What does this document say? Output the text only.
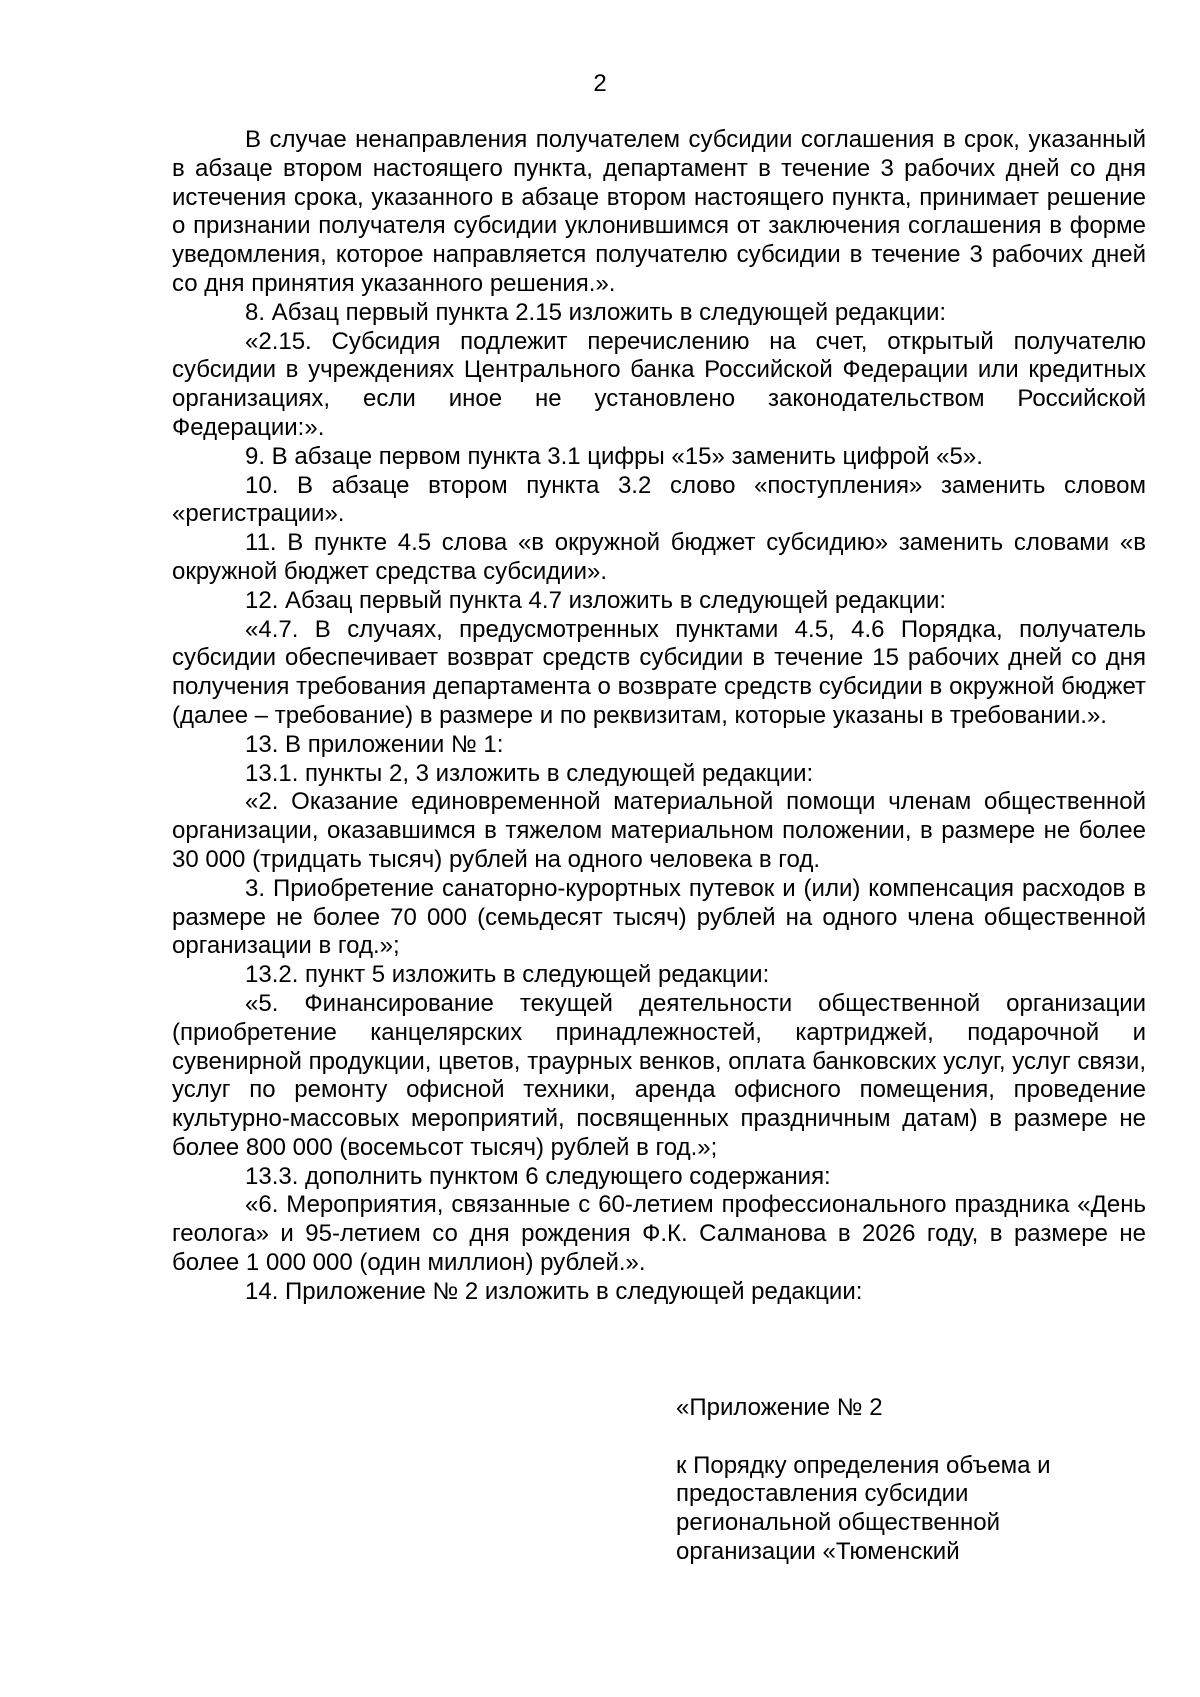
2

В случае ненаправления получателем субсидии соглашения в срок, указанный в абзаце втором настоящего пункта, департамент в течение 3 рабочих дней со дня истечения срока, указанного в абзаце втором настоящего пункта, принимает решение о признании получателя субсидии уклонившимся от заключения соглашения в форме уведомления, которое направляется получателю субсидии в течение 3 рабочих дней со дня принятия указанного решения.».

8. Абзац первый пункта 2.15 изложить в следующей редакции:

«2.15. Субсидия подлежит перечислению на счет, открытый получателю субсидии в учреждениях Центрального банка Российской Федерации или кредитных организациях, если иное не установлено законодательством Российской Федерации:».

9. В абзаце первом пункта 3.1 цифры «15» заменить цифрой «5».

10. В абзаце втором пункта 3.2 слово «поступления» заменить словом «регистрации».

11. В пункте 4.5 слова «в окружной бюджет субсидию» заменить словами «в окружной бюджет средства субсидии».

12. Абзац первый пункта 4.7 изложить в следующей редакции:

«4.7. В случаях, предусмотренных пунктами 4.5, 4.6 Порядка, получатель субсидии обеспечивает возврат средств субсидии в течение 15 рабочих дней со дня получения требования департамента о возврате средств субсидии в окружной бюджет (далее – требование) в размере и по реквизитам, которые указаны в требовании.».

13. В приложении № 1:

13.1. пункты 2, 3 изложить в следующей редакции:

«2. Оказание единовременной материальной помощи членам общественной организации, оказавшимся в тяжелом материальном положении, в размере не более 30 000 (тридцать тысяч) рублей на одного человека в год.

3. Приобретение санаторно-курортных путевок и (или) компенсация расходов в размере не более 70 000 (семьдесят тысяч) рублей на одного члена общественной организации в год.»;

13.2. пункт 5 изложить в следующей редакции:

«5. Финансирование текущей деятельности общественной организации (приобретение канцелярских принадлежностей, картриджей, подарочной и сувенирной продукции, цветов, траурных венков, оплата банковских услуг, услуг связи, услуг по ремонту офисной техники, аренда офисного помещения, проведение культурно-массовых мероприятий, посвященных праздничным датам) в размере не более 800 000 (восемьсот тысяч) рублей в год.»;

13.3. дополнить пунктом 6 следующего содержания:

«6. Мероприятия, связанные с 60-летием профессионального праздника «День геолога» и 95-летием со дня рождения Ф.К. Салманова в 2026 году, в размере не более 1 000 000 (один миллион) рублей.».

14. Приложение № 2 изложить в следующей редакции:

«Приложение № 2

к Порядку определения объема и

предоставления субсидии

региональной общественной

организации «Тюменский
